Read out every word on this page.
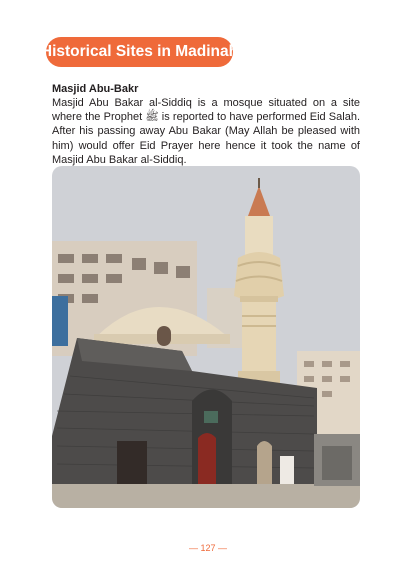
Historical Sites in Madinah
Masjid Abu-Bakr

Masjid Abu Bakar al-Siddiq is a mosque situated on a site where the Prophet ﷺ is reported to have performed Eid Salah. After his passing away Abu Bakar (May Allah be pleased with him) would offer Eid Prayer here hence it took the name of Masjid Abu Bakar al-Siddiq.

— 127 —
